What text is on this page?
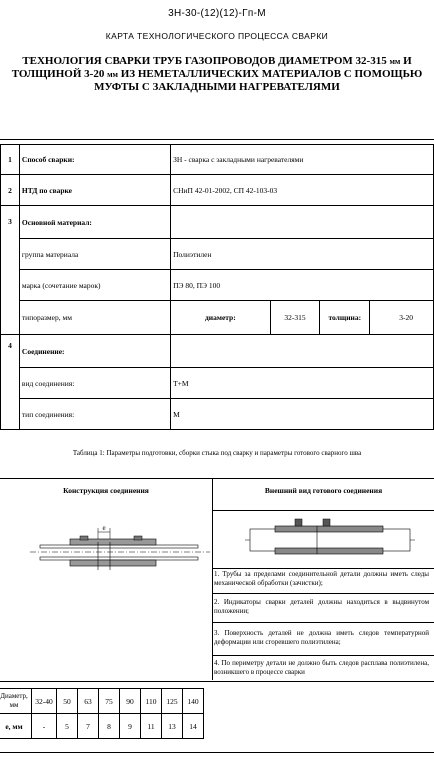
3Н-30-(12)(12)-Гп-М
КАРТА ТЕХНОЛОГИЧЕСКОГО ПРОЦЕССА СВАРКИ
ТЕХНОЛОГИЯ СВАРКИ ТРУБ ГАЗОПРОВОДОВ ДИАМЕТРОМ 32-315 мм И
ТОЛЩИНОЙ 3-20 мм ИЗ НЕМЕТАЛЛИЧЕСКИХ МАТЕРИАЛОВ С ПОМОЩЬЮ
МУФТЫ С ЗАКЛАДНЫМИ НАГРЕВАТЕЛЯМИ
1	Способ сварки:	ЗН - сварка с закладными нагревателями			
2	НТД по сварке	СНиП 42-01-2002, СП 42-103-03			
3	Основной материал:				
	группа материала	Полиэтилен			
	марка (сочетание марок)	ПЭ 80, ПЭ 100			
	типоразмер, мм	диаметр:	32-315	толщина:	3-20
4	Соединение:				
	вид соединения:	Т+М			
	тип соединения:	М			
Таблица 1: Параметры подготовки, сборки стыка под сварку и параметры готового сварного шва
Конструкция соединения	Внешний вид готового соединения
e
1. Трубы за пределами соединительной детали должны иметь следы механической обработки (зачистки);
2. Индикаторы сварки деталей должны находиться в выдвинутом положении;
3. Поверхность деталей не должна иметь следов температурной деформации или сгоревшего полиэтилена;
4. По периметру детали не должно быть следов расплава полиэтилена, возникшего в процессе сварки
Диаметр, мм	32-40	50	63	75	90	110	125	140
е, мм	-	5	7	8	9	11	13	14
